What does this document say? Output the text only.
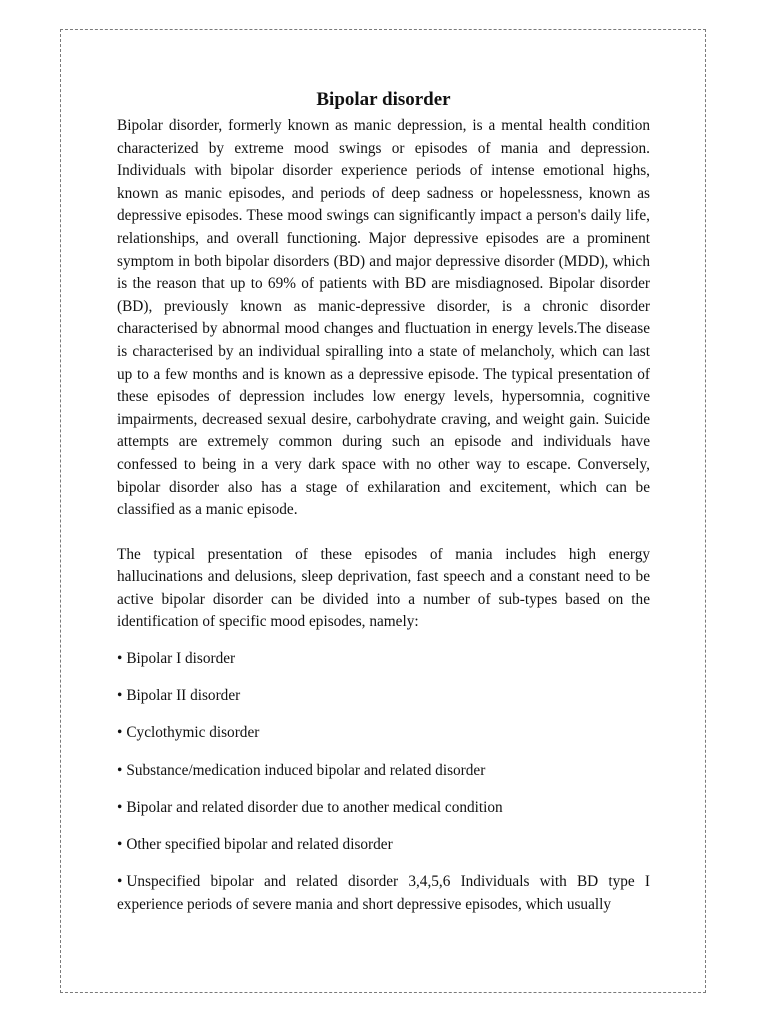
Bipolar disorder

Bipolar disorder, formerly known as manic depression, is a mental health condition characterized by extreme mood swings or episodes of mania and depression. Individuals with bipolar disorder experience periods of intense emotional highs, known as manic episodes, and periods of deep sadness or hopelessness, known as depressive episodes. These mood swings can significantly impact a person's daily life, relationships, and overall functioning. Major depressive episodes are a prominent symptom in both bipolar disorders (BD) and major depressive disorder (MDD), which is the reason that up to 69% of patients with BD are misdiagnosed. Bipolar disorder (BD), previously known as manic-depressive disorder, is a chronic disorder characterised by abnormal mood changes and fluctuation in energy levels.The disease is characterised by an individual spiralling into a state of melancholy, which can last up to a few months and is known as a depressive episode. The typical presentation of these episodes of depression includes low energy levels, hypersomnia, cognitive impairments, decreased sexual desire, carbohydrate craving, and weight gain. Suicide attempts are extremely common during such an episode and individuals have confessed to being in a very dark space with no other way to escape. Conversely, bipolar disorder also has a stage of exhilaration and excitement, which can be classified as a manic episode.

The typical presentation of these episodes of mania includes high energy hallucinations and delusions, sleep deprivation, fast speech and a constant need to be active bipolar disorder can be divided into a number of sub-types based on the identification of specific mood episodes, namely:

• Bipolar I disorder
• Bipolar II disorder
• Cyclothymic disorder
• Substance/medication induced bipolar and related disorder
• Bipolar and related disorder due to another medical condition
• Other specified bipolar and related disorder
• Unspecified bipolar and related disorder 3,4,5,6 Individuals with BD type I experience periods of severe mania and short depressive episodes, which usually
